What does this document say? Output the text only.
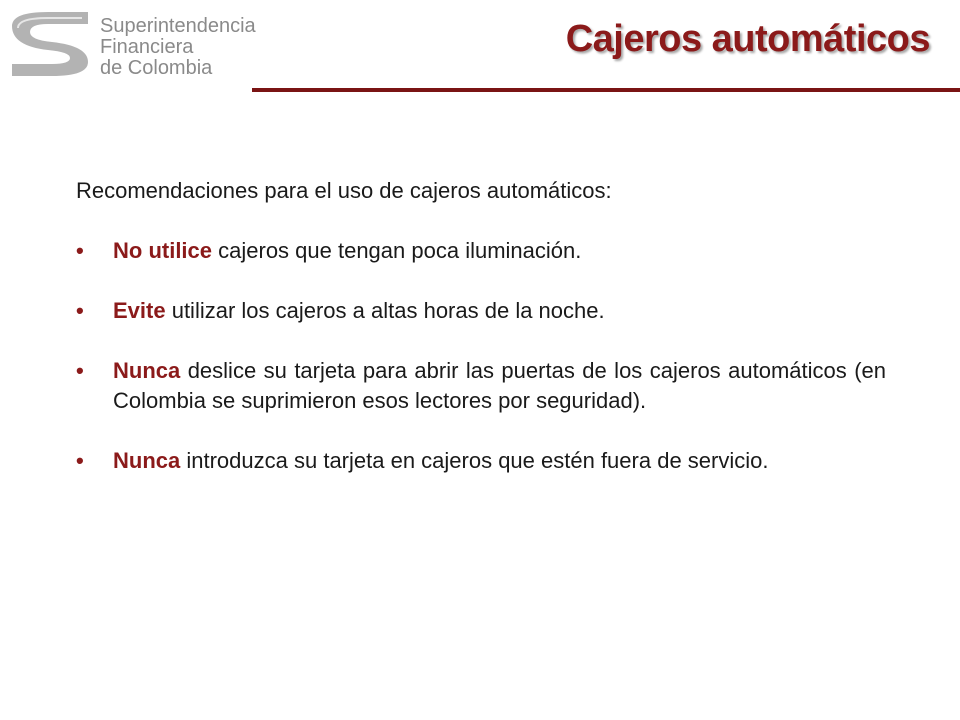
Superintendencia
Financiera
de Colombia
Cajeros automáticos

Recomendaciones para el uso de cajeros automáticos:

• No utilice cajeros que tengan poca iluminación.

• Evite utilizar los cajeros a altas horas de la noche.

• Nunca deslice su tarjeta para abrir las puertas de los cajeros automáticos (en Colombia se suprimieron esos lectores por seguridad).

• Nunca introduzca su tarjeta en cajeros que estén fuera de servicio.
